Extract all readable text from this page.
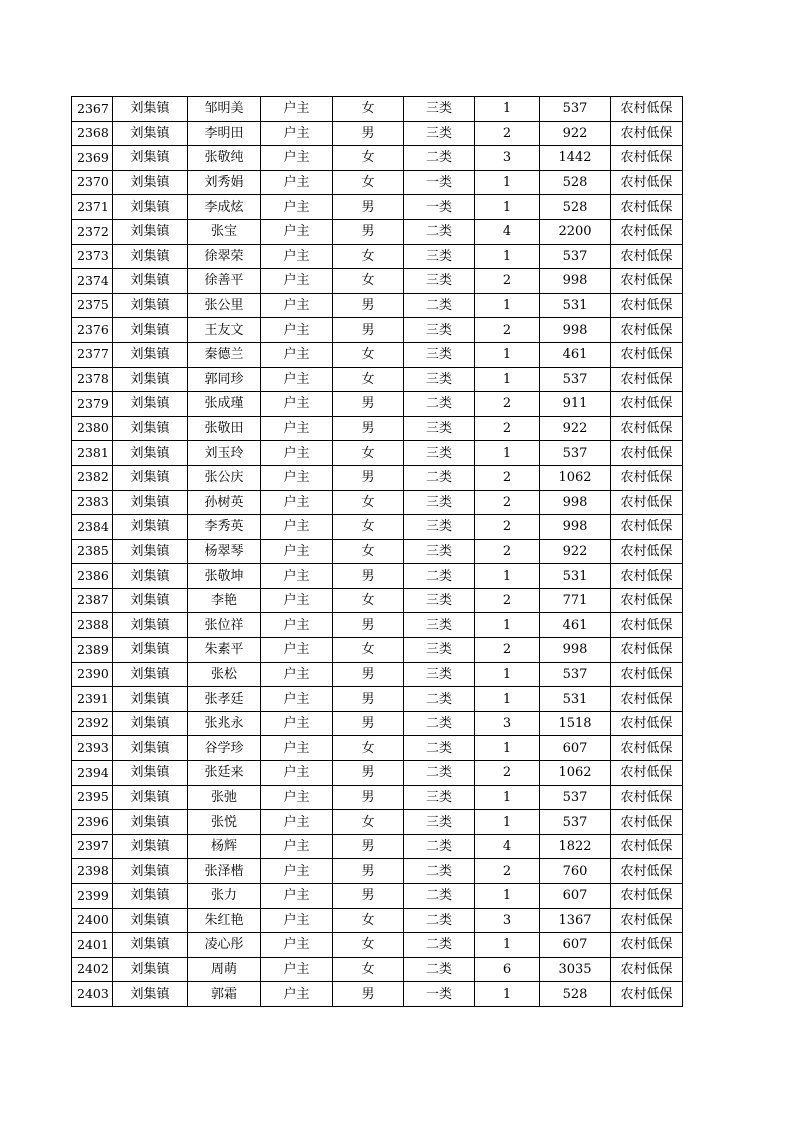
2367	刘集镇	邹明美	户主	女	三类	1	537	农村低保
2368	刘集镇	李明田	户主	男	三类	2	922	农村低保
2369	刘集镇	张敬纯	户主	女	二类	3	1442	农村低保
2370	刘集镇	刘秀娟	户主	女	一类	1	528	农村低保
2371	刘集镇	李成炫	户主	男	一类	1	528	农村低保
2372	刘集镇	张宝	户主	男	二类	4	2200	农村低保
2373	刘集镇	徐翠荣	户主	女	三类	1	537	农村低保
2374	刘集镇	徐善平	户主	女	三类	2	998	农村低保
2375	刘集镇	张公里	户主	男	二类	1	531	农村低保
2376	刘集镇	王友文	户主	男	三类	2	998	农村低保
2377	刘集镇	秦德兰	户主	女	三类	1	461	农村低保
2378	刘集镇	郭同珍	户主	女	三类	1	537	农村低保
2379	刘集镇	张成瑾	户主	男	二类	2	911	农村低保
2380	刘集镇	张敬田	户主	男	三类	2	922	农村低保
2381	刘集镇	刘玉玲	户主	女	三类	1	537	农村低保
2382	刘集镇	张公庆	户主	男	二类	2	1062	农村低保
2383	刘集镇	孙树英	户主	女	三类	2	998	农村低保
2384	刘集镇	李秀英	户主	女	三类	2	998	农村低保
2385	刘集镇	杨翠琴	户主	女	三类	2	922	农村低保
2386	刘集镇	张敬坤	户主	男	二类	1	531	农村低保
2387	刘集镇	李艳	户主	女	三类	2	771	农村低保
2388	刘集镇	张位祥	户主	男	三类	1	461	农村低保
2389	刘集镇	朱素平	户主	女	三类	2	998	农村低保
2390	刘集镇	张松	户主	男	三类	1	537	农村低保
2391	刘集镇	张孝廷	户主	男	二类	1	531	农村低保
2392	刘集镇	张兆永	户主	男	二类	3	1518	农村低保
2393	刘集镇	谷学珍	户主	女	二类	1	607	农村低保
2394	刘集镇	张廷来	户主	男	二类	2	1062	农村低保
2395	刘集镇	张弛	户主	男	三类	1	537	农村低保
2396	刘集镇	张悦	户主	女	三类	1	537	农村低保
2397	刘集镇	杨辉	户主	男	二类	4	1822	农村低保
2398	刘集镇	张泽楷	户主	男	二类	2	760	农村低保
2399	刘集镇	张力	户主	男	二类	1	607	农村低保
2400	刘集镇	朱红艳	户主	女	二类	3	1367	农村低保
2401	刘集镇	凌心彤	户主	女	二类	1	607	农村低保
2402	刘集镇	周萌	户主	女	二类	6	3035	农村低保
2403	刘集镇	郭霜	户主	男	一类	1	528	农村低保
